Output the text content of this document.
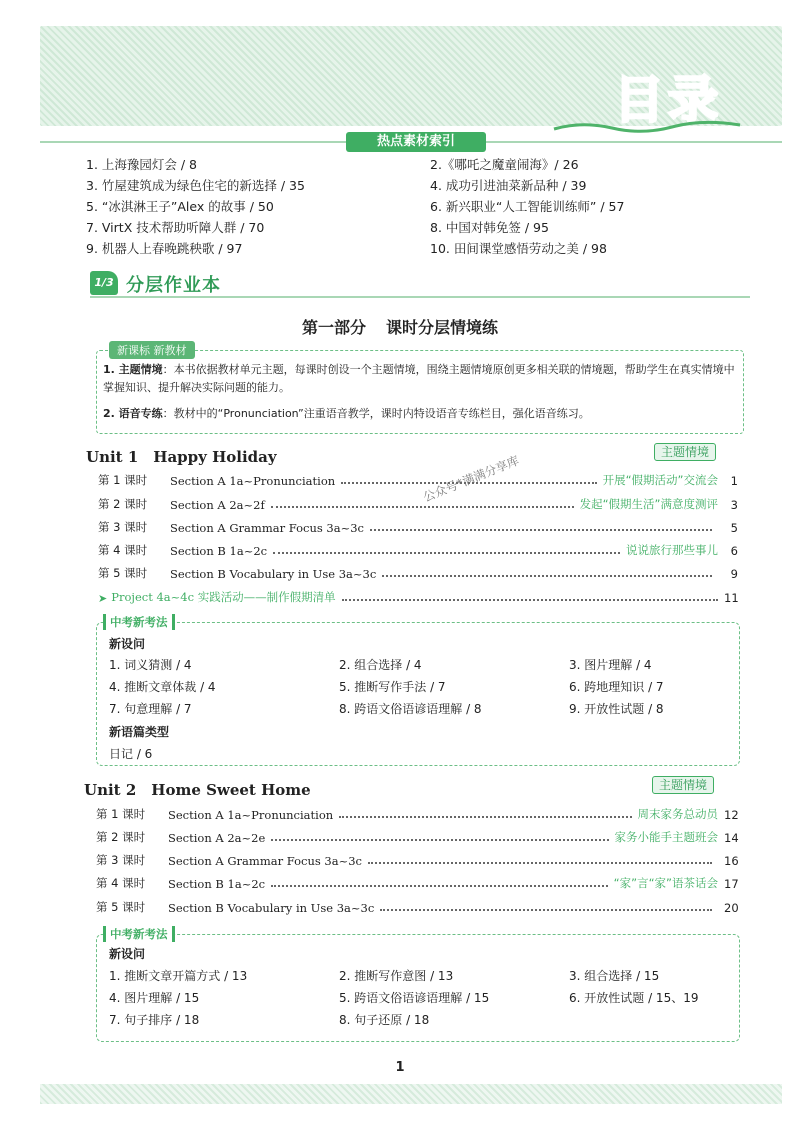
目录
热点素材索引
1. 上海豫园灯会 / 8	2.《哪吒之魔童闹海》/ 26
3. 竹屋建筑成为绿色住宅的新选择 / 35	4. 成功引进油菜新品种 / 39
5. “冰淇淋王子”Alex 的故事 / 50	6. 新兴职业“人工智能训练师” / 57
7. VirtX 技术帮助听障人群 / 70	8. 中国对韩免签 / 95
9. 机器人上春晚跳秧歌 / 97	10. 田间课堂感悟劳动之美 / 98
1/3 分层作业本
第一部分 课时分层情境练
新课标 新教材
1. 主题情境：本书依据教材单元主题，每课时创设一个主题情境，围绕主题情境原创更多相关联的情境题，帮助学生在真实情境中掌握知识、提升解决实际问题的能力。
2. 语音专练：教材中的“Pronunciation”注重语音教学，课时内特设语音专练栏目，强化语音练习。
Unit 1　Happy Holiday	主题情境
第 1 课时	Section A 1a~Pronunciation	开展“假期活动”交流会	1
第 2 课时	Section A 2a~2f	发起“假期生活”满意度测评	3
第 3 课时	Section A Grammar Focus 3a~3c	5
第 4 课时	Section B 1a~2c	说说旅行那些事儿	6
第 5 课时	Section B Vocabulary in Use 3a~3c	9
➤ Project 4a~4c 实践活动——制作假期清单	11
中考新考法
新设问
1. 词义猜测 / 4	2. 组合选择 / 4	3. 图片理解 / 4
4. 推断文章体裁 / 4	5. 推断写作手法 / 7	6. 跨地理知识 / 7
7. 句意理解 / 7	8. 跨语文俗语谚语理解 / 8	9. 开放性试题 / 8
新语篇类型
日记 / 6
Unit 2　Home Sweet Home	主题情境
第 1 课时	Section A 1a~Pronunciation	周末家务总动员 12
第 2 课时	Section A 2a~2e	家务小能手主题班会 14
第 3 课时	Section A Grammar Focus 3a~3c	16
第 4 课时	Section B 1a~2c	“家”言“家”语茶话会 17
第 5 课时	Section B Vocabulary in Use 3a~3c	20
中考新考法
新设问
1. 推断文章开篇方式 / 13	2. 推断写作意图 / 13	3. 组合选择 / 15
4. 图片理解 / 15	5. 跨语文俗语谚语理解 / 15	6. 开放性试题 / 15、19
7. 句子排序 / 18	8. 句子还原 / 18
公众号*满满分享库
1
